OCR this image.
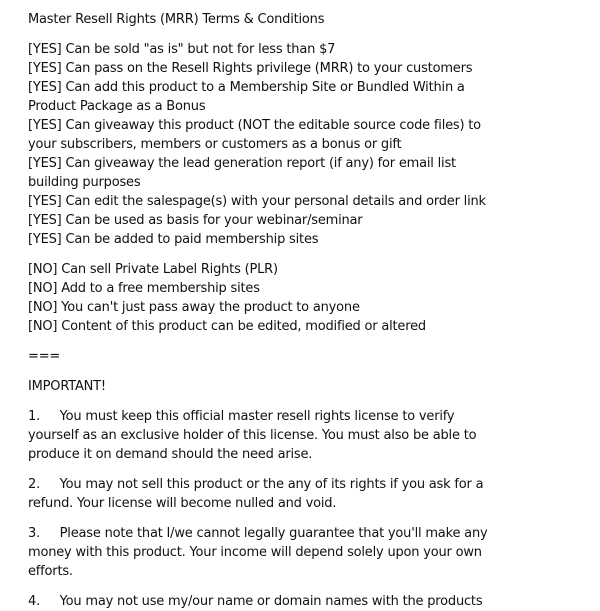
Master Resell Rights (MRR) Terms & Conditions
[YES] Can be sold "as is" but not for less than $7
[YES] Can pass on the Resell Rights privilege (MRR) to your customers
[YES] Can add this product to a Membership Site or Bundled Within a
Product Package as a Bonus
[YES] Can giveaway this product (NOT the editable source code files) to
your subscribers, members or customers as a bonus or gift
[YES] Can giveaway the lead generation report (if any) for email list
building purposes
[YES] Can edit the salespage(s) with your personal details and order link
[YES] Can be used as basis for your webinar/seminar
[YES] Can be added to paid membership sites
[NO] Can sell Private Label Rights (PLR)
[NO] Add to a free membership sites
[NO] You can't just pass away the product to anyone
[NO] Content of this product can be edited, modified or altered
===
IMPORTANT!
1.     You must keep this official master resell rights license to verify
yourself as an exclusive holder of this license. You must also be able to
produce it on demand should the need arise.
2.     You may not sell this product or the any of its rights if you ask for a
refund. Your license will become nulled and void.
3.     Please note that I/we cannot legally guarantee that you'll make any
money with this product. Your income will depend solely upon your own
efforts.
4.     You may not use my/our name or domain names with the products
